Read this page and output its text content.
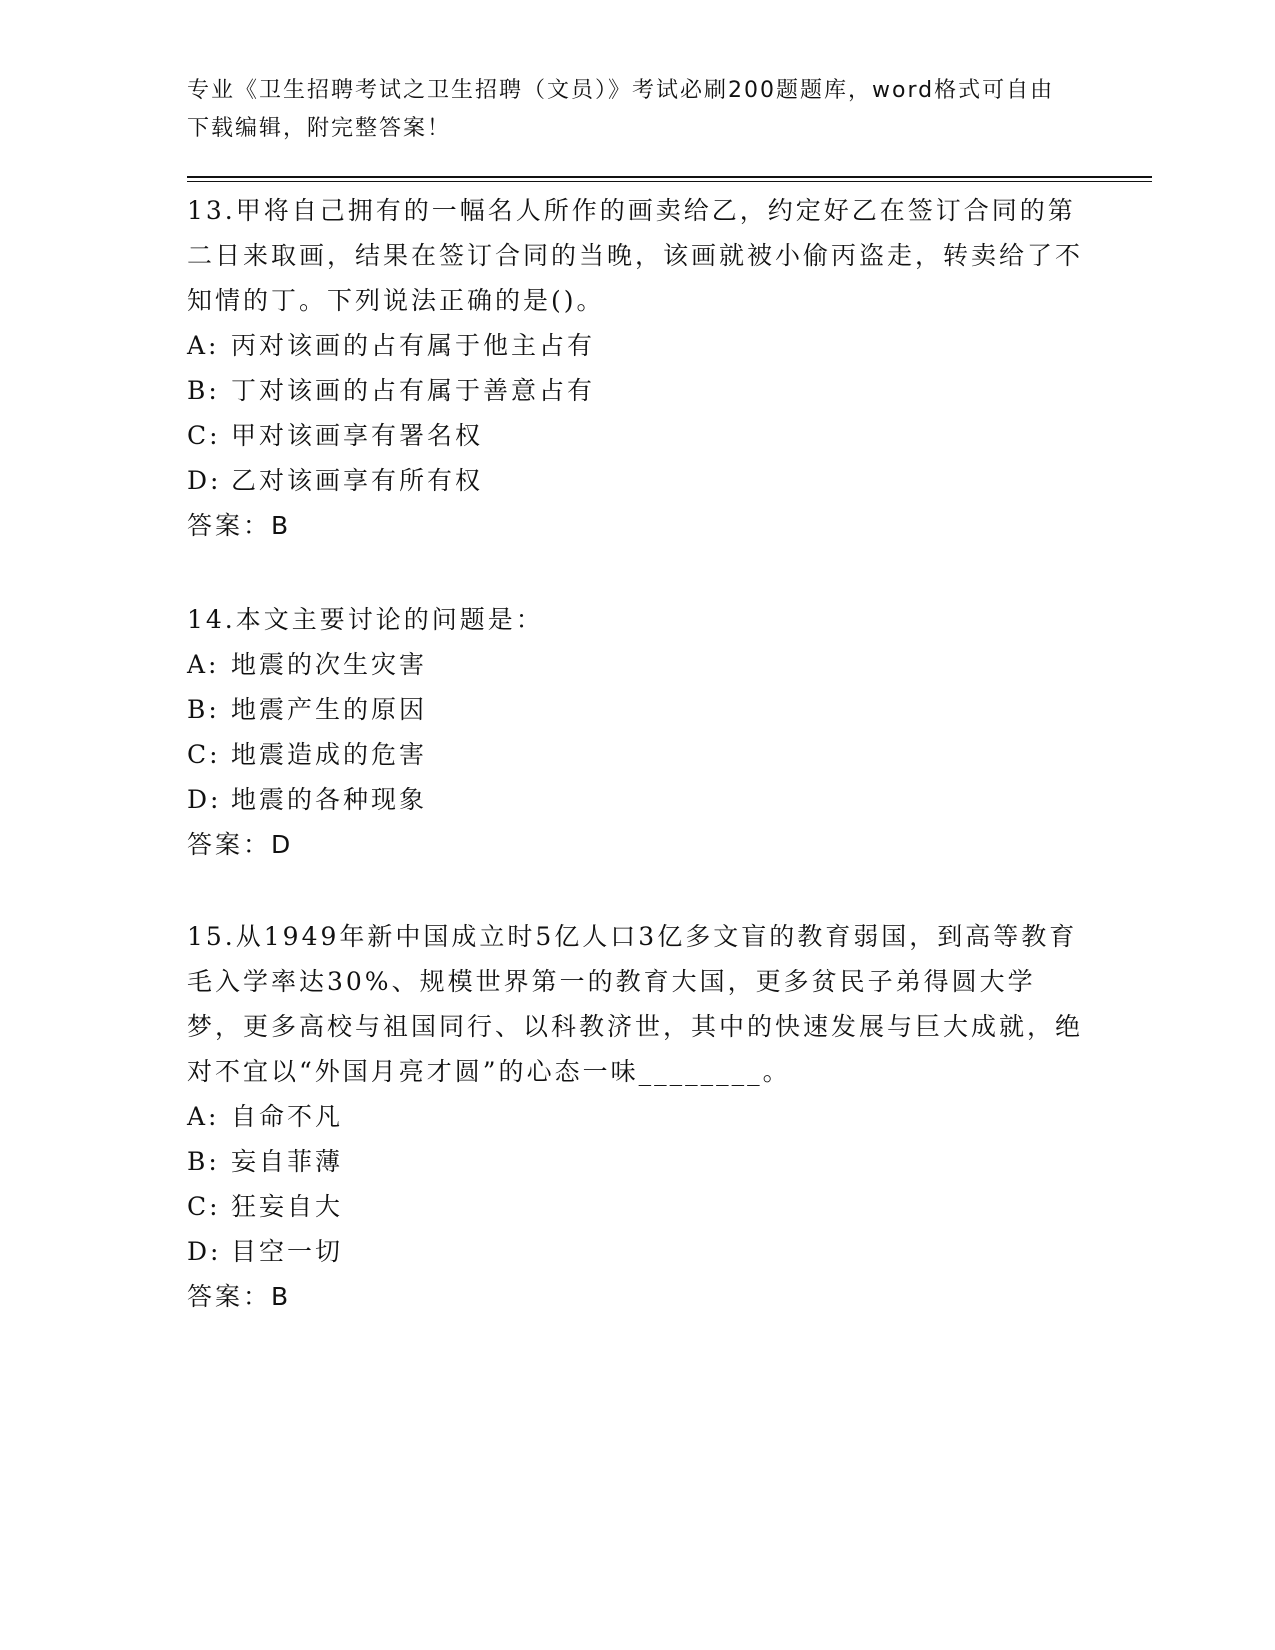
专业《卫生招聘考试之卫生招聘（文员）》考试必刷200题题库，word格式可自由下载编辑，附完整答案！

13.甲将自己拥有的一幅名人所作的画卖给乙，约定好乙在签订合同的第二日来取画，结果在签订合同的当晚，该画就被小偷丙盗走，转卖给了不知情的丁。下列说法正确的是()。

A: 丙对该画的占有属于他主占有

B: 丁对该画的占有属于善意占有

C: 甲对该画享有署名权

D: 乙对该画享有所有权

答案：B

14.本文主要讨论的问题是：

A: 地震的次生灾害

B: 地震产生的原因

C: 地震造成的危害

D: 地震的各种现象

答案：D

15.从1949年新中国成立时5亿人口3亿多文盲的教育弱国，到高等教育毛入学率达30%、规模世界第一的教育大国，更多贫民子弟得圆大学梦，更多高校与祖国同行、以科教济世，其中的快速发展与巨大成就，绝对不宜以“外国月亮才圆”的心态一味________。

A: 自命不凡

B: 妄自菲薄

C: 狂妄自大

D: 目空一切

答案：B
